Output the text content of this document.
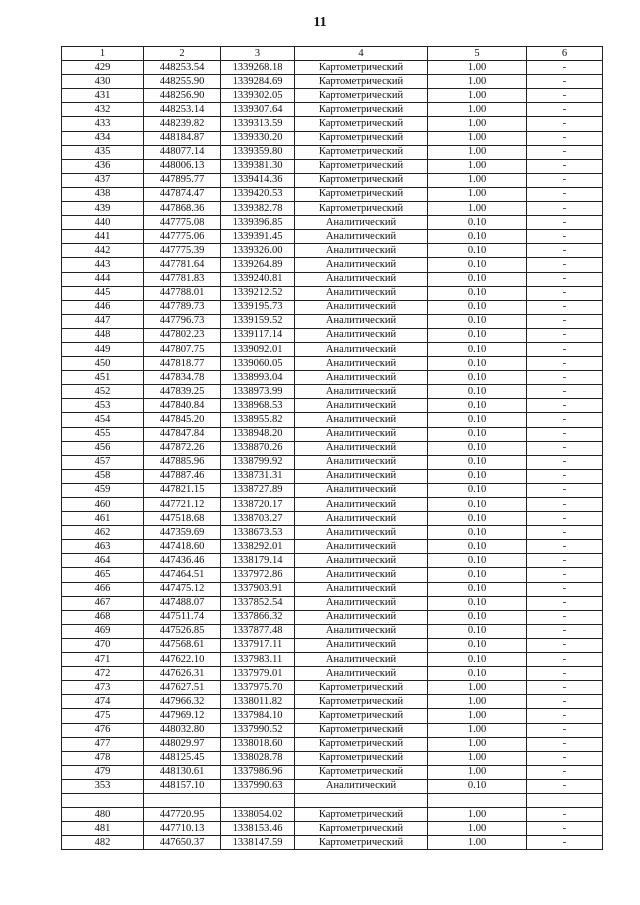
11
1	2	3	4	5	6
429	448253.54	1339268.18	Картометрический	1.00	-
430	448255.90	1339284.69	Картометрический	1.00	-
431	448256.90	1339302.05	Картометрический	1.00	-
432	448253.14	1339307.64	Картометрический	1.00	-
433	448239.82	1339313.59	Картометрический	1.00	-
434	448184.87	1339330.20	Картометрический	1.00	-
435	448077.14	1339359.80	Картометрический	1.00	-
436	448006.13	1339381.30	Картометрический	1.00	-
437	447895.77	1339414.36	Картометрический	1.00	-
438	447874.47	1339420.53	Картометрический	1.00	-
439	447868.36	1339382.78	Картометрический	1.00	-
440	447775.08	1339396.85	Аналитический	0.10	-
441	447775.06	1339391.45	Аналитический	0.10	-
442	447775.39	1339326.00	Аналитический	0.10	-
443	447781.64	1339264.89	Аналитический	0.10	-
444	447781.83	1339240.81	Аналитический	0.10	-
445	447788.01	1339212.52	Аналитический	0.10	-
446	447789.73	1339195.73	Аналитический	0.10	-
447	447796.73	1339159.52	Аналитический	0.10	-
448	447802.23	1339117.14	Аналитический	0.10	-
449	447807.75	1339092.01	Аналитический	0.10	-
450	447818.77	1339060.05	Аналитический	0.10	-
451	447834.78	1338993.04	Аналитический	0.10	-
452	447839.25	1338973.99	Аналитический	0.10	-
453	447840.84	1338968.53	Аналитический	0.10	-
454	447845.20	1338955.82	Аналитический	0.10	-
455	447847.84	1338948.20	Аналитический	0.10	-
456	447872.26	1338870.26	Аналитический	0.10	-
457	447885.96	1338799.92	Аналитический	0.10	-
458	447887.46	1338731.31	Аналитический	0.10	-
459	447821.15	1338727.89	Аналитический	0.10	-
460	447721.12	1338720.17	Аналитический	0.10	-
461	447518.68	1338703.27	Аналитический	0.10	-
462	447359.69	1338673.53	Аналитический	0.10	-
463	447418.60	1338292.01	Аналитический	0.10	-
464	447436.46	1338179.14	Аналитический	0.10	-
465	447464.51	1337972.86	Аналитический	0.10	-
466	447475.12	1337903.91	Аналитический	0.10	-
467	447488.07	1337852.54	Аналитический	0.10	-
468	447511.74	1337866.32	Аналитический	0.10	-
469	447526.85	1337877.48	Аналитический	0.10	-
470	447568.61	1337917.11	Аналитический	0.10	-
471	447622.10	1337983.11	Аналитический	0.10	-
472	447626.31	1337979.01	Аналитический	0.10	-
473	447627.51	1337975.70	Картометрический	1.00	-
474	447966.32	1338011.82	Картометрический	1.00	-
475	447969.12	1337984.10	Картометрический	1.00	-
476	448032.80	1337990.52	Картометрический	1.00	-
477	448029.97	1338018.60	Картометрический	1.00	-
478	448125.45	1338028.78	Картометрический	1.00	-
479	448130.61	1337986.96	Картометрический	1.00	-
353	448157.10	1337990.63	Аналитический	0.10	-

480	447720.95	1338054.02	Картометрический	1.00	-
481	447710.13	1338153.46	Картометрический	1.00	-
482	447650.37	1338147.59	Картометрический	1.00	-
